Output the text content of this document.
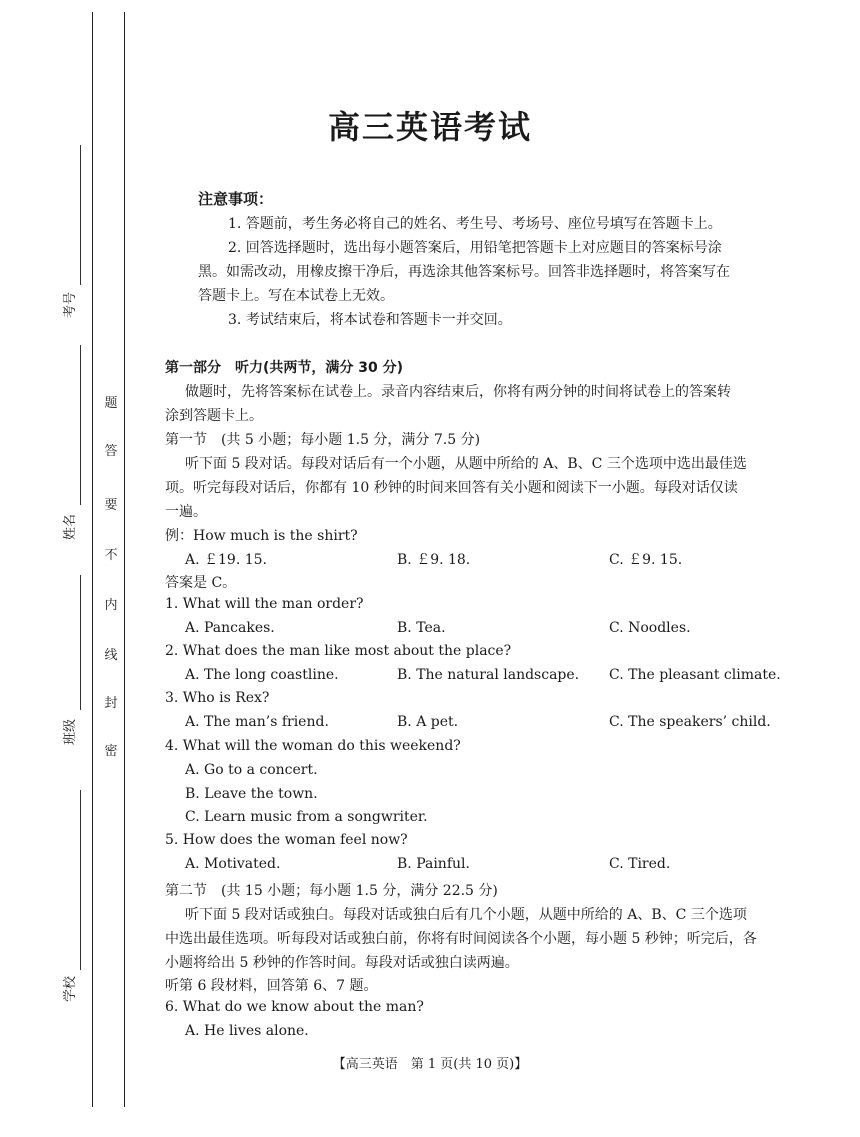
考号
姓名
班级
学校
题
答
要
不
内
线
封
密
高三英语考试
注意事项：
1. 答题前，考生务必将自己的姓名、考生号、考场号、座位号填写在答题卡上。
2. 回答选择题时，选出每小题答案后，用铅笔把答题卡上对应题目的答案标号涂
黑。如需改动，用橡皮擦干净后，再选涂其他答案标号。回答非选择题时，将答案写在
答题卡上。写在本试卷上无效。
3. 考试结束后，将本试卷和答题卡一并交回。
第一部分　听力(共两节，满分 30 分)
做题时，先将答案标在试卷上。录音内容结束后，你将有两分钟的时间将试卷上的答案转
涂到答题卡上。
第一节　(共 5 小题；每小题 1.5 分，满分 7.5 分)
听下面 5 段对话。每段对话后有一个小题，从题中所给的 A、B、C 三个选项中选出最佳选
项。听完每段对话后，你都有 10 秒钟的时间来回答有关小题和阅读下一小题。每段对话仅读
一遍。
例：How much is the shirt?
A. ￡19. 15.	B. ￡9. 18.	C. ￡9. 15.
答案是 C。
1. What will the man order?
A. Pancakes.	B. Tea.	C. Noodles.
2. What does the man like most about the place?
A. The long coastline.	B. The natural landscape. C. The pleasant climate.
3. Who is Rex?
A. The man’s friend.	B. A pet.	C. The speakers’ child.
4. What will the woman do this weekend?
A. Go to a concert.
B. Leave the town.
C. Learn music from a songwriter.
5. How does the woman feel now?
A. Motivated.	B. Painful.	C. Tired.
第二节　(共 15 小题；每小题 1.5 分，满分 22.5 分)
听下面 5 段对话或独白。每段对话或独白后有几个小题，从题中所给的 A、B、C 三个选项
中选出最佳选项。听每段对话或独白前，你将有时间阅读各个小题，每小题 5 秒钟；听完后，各
小题将给出 5 秒钟的作答时间。每段对话或独白读两遍。
听第 6 段材料，回答第 6、7 题。
6. What do we know about the man?
A. He lives alone.
【高三英语　第 1 页(共 10 页)】
